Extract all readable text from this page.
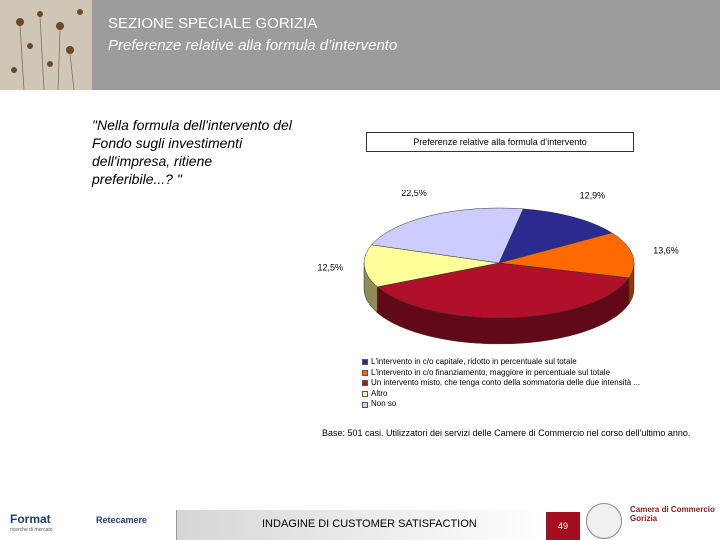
SEZIONE SPECIALE GORIZIA
Preferenze relative alla formula d’intervento
"Nella formula dell'intervento del Fondo sugli investimenti dell'impresa, ritiene preferibile...? "
Preferenze relative alla formula d’intervento
12,9%
13,6%
12,5%
22,5%
L'intervento in c/o capitale, ridotto in percentuale sul totale
L'intervento in c/o finanziamento, maggiore in percentuale sul totale
Un intervento misto, che tenga conto della sommatoria delle due intensità ...
Altro
Non so
Base: 501 casi. Utilizzatori dei servizi delle Camere di Commercio nel corso dell'ultimo anno.
Format
ricerche di mercato
Retecamere	INDAGINE DI CUSTOMER SATISFACTION	49
Camera di Commercio
Gorizia
